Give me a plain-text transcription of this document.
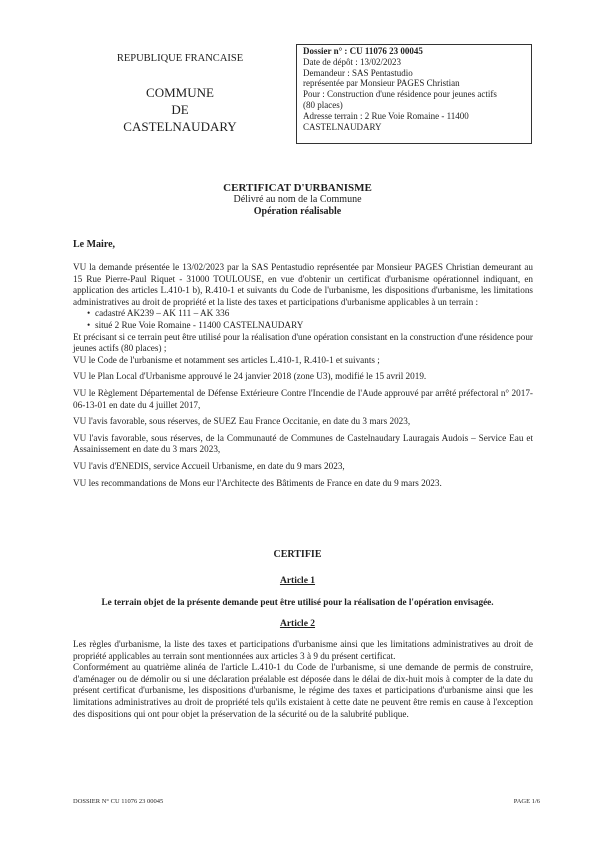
REPUBLIQUE FRANCAISE
COMMUNE
DE
CASTELNAUDARY
Dossier n° : CU 11076 23 00045
Date de dépôt : 13/02/2023
Demandeur : SAS Pentastudio
représentée par Monsieur PAGES Christian
Pour : Construction d'une résidence pour jeunes actifs
(80 places)
Adresse terrain : 2 Rue Voie Romaine - 11400
CASTELNAUDARY
CERTIFICAT D'URBANISME
Délivré au nom de la Commune
Opération réalisable
Le Maire,

VU la demande présentée le 13/02/2023 par la SAS Pentastudio représentée par Monsieur PAGES Christian demeurant au 15 Rue Pierre-Paul Riquet - 31000 TOULOUSE, en vue d'obtenir un certificat d'urbanisme opérationnel indiquant, en application des articles L.410-1 b), R.410-1 et suivants du Code de l'urbanisme, les dispositions d'urbanisme, les limitations administratives au droit de propriété et la liste des taxes et participations d'urbanisme applicables à un terrain :

• cadastré AK239 – AK 111 – AK 336
• situé 2 Rue Voie Romaine - 11400 CASTELNAUDARY

Et précisant si ce terrain peut être utilisé pour la réalisation d'une opération consistant en la construction d'une résidence pour jeunes actifs (80 places) ;

VU le Code de l'urbanisme et notamment ses articles L.410-1, R.410-1 et suivants ;

VU le Plan Local d'Urbanisme approuvé le 24 janvier 2018 (zone U3), modifié le 15 avril 2019.

VU le Règlement Départemental de Défense Extérieure Contre l'Incendie de l'Aude approuvé par arrêté préfectoral n° 2017-06-13-01 en date du 4 juillet 2017,

VU l'avis favorable, sous réserves, de SUEZ Eau France Occitanie, en date du 3 mars 2023,

VU l'avis favorable, sous réserves, de la Communauté de Communes de Castelnaudary Lauragais Audois – Service Eau et Assainissement en date du 3 mars 2023,

VU l'avis d'ENEDIS, service Accueil Urbanisme, en date du 9 mars 2023,

VU les recommandations de Mons eur l'Architecte des Bâtiments de France en date du 9 mars 2023.

CERTIFIE
Article 1
Le terrain objet de la présente demande peut être utilisé pour la réalisation de l'opération envisagée.
Article 2

Les règles d'urbanisme, la liste des taxes et participations d'urbanisme ainsi que les limitations administratives au droit de propriété applicables au terrain sont mentionnées aux articles 3 à 9 du présent certificat.

Conformément au quatrième alinéa de l'article L.410-1 du Code de l'urbanisme, si une demande de permis de construire, d'aménager ou de démolir ou si une déclaration préalable est déposée dans le délai de dix-huit mois à compter de la date du présent certificat d'urbanisme, les dispositions d'urbanisme, le régime des taxes et participations d'urbanisme ainsi que les limitations administratives au droit de propriété tels qu'ils existaient à cette date ne peuvent être remis en cause à l'exception des dispositions qui ont pour objet la préservation de la sécurité ou de la salubrité publique.

DOSSIER N° CU 11076 23 00045	PAGE 1/6
